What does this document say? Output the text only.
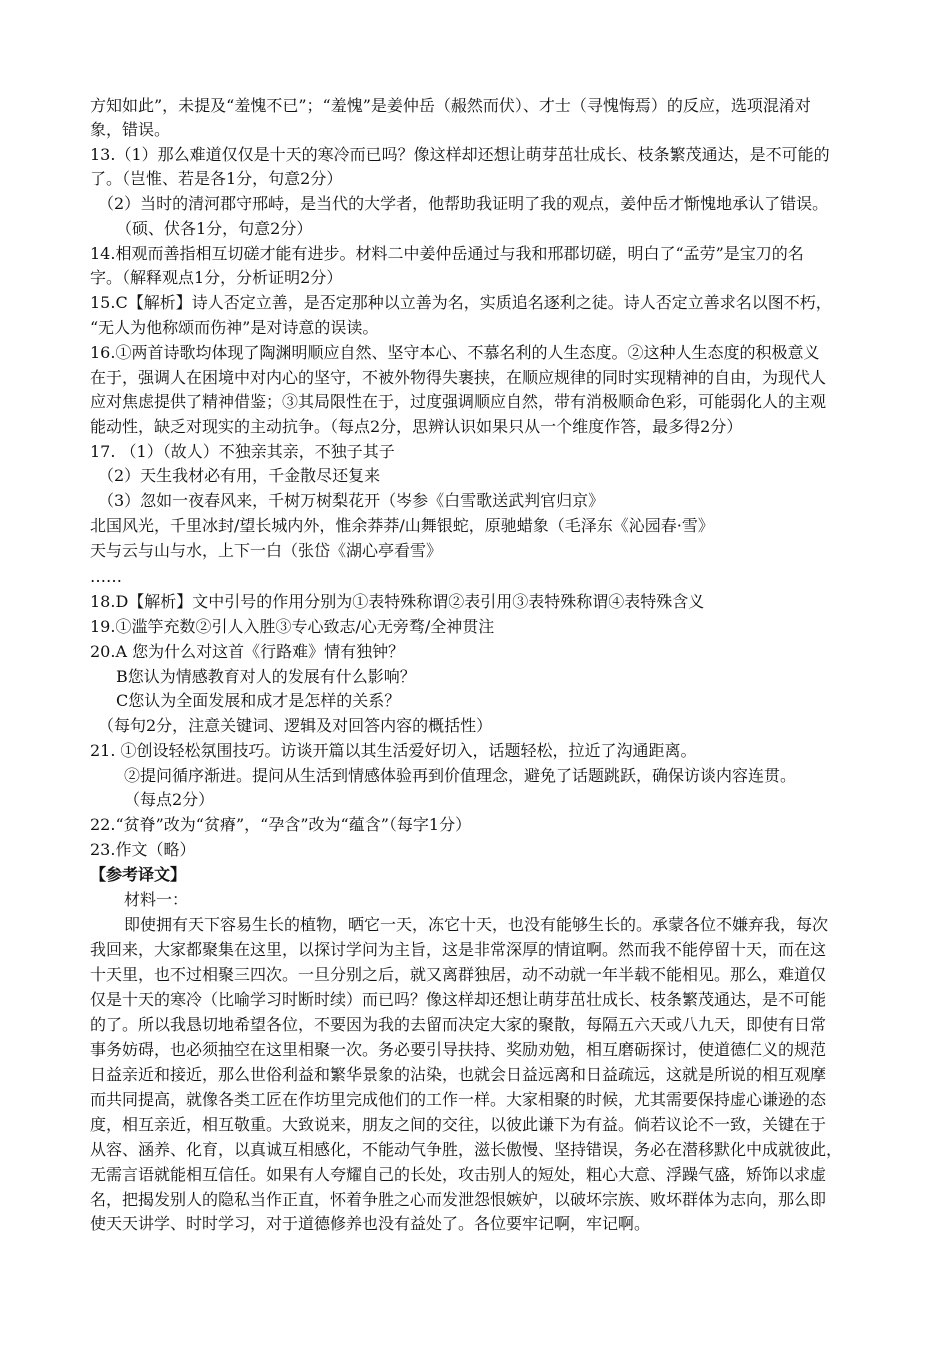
方知如此”，未提及“羞愧不已”；“羞愧”是姜仲岳（赧然而伏）、才士（寻愧悔焉）的反应，选项混淆对
象，错误。
13.（1）那么难道仅仅是十天的寒冷而已吗？像这样却还想让萌芽茁壮成长、枝条繁茂通达，是不可能的
了。（岂惟、若是各1分，句意2分）
（2）当时的清河郡守邢峙，是当代的大学者，他帮助我证明了我的观点，姜仲岳才惭愧地承认了错误。
（硕、伏各1分，句意2分）
14.相观而善指相互切磋才能有进步。材料二中姜仲岳通过与我和邢郡切磋，明白了“孟劳”是宝刀的名
字。（解释观点1分，分析证明2分）
15.C【解析】诗人否定立善，是否定那种以立善为名，实质追名逐利之徒。诗人否定立善求名以图不朽，
“无人为他称颂而伤神”是对诗意的误读。
16.①两首诗歌均体现了陶渊明顺应自然、坚守本心、不慕名利的人生态度。②这种人生态度的积极意义
在于，强调人在困境中对内心的坚守，不被外物得失裹挟，在顺应规律的同时实现精神的自由，为现代人
应对焦虑提供了精神借鉴；③其局限性在于，过度强调顺应自然，带有消极顺命色彩，可能弱化人的主观
能动性，缺乏对现实的主动抗争。（每点2分，思辨认识如果只从一个维度作答，最多得2分）
17. （1）（故人）不独亲其亲，不独子其子
（2）天生我材必有用，千金散尽还复来
（3）忽如一夜春风来，千树万树梨花开（岑参《白雪歌送武判官归京》
北国风光，千里冰封/望长城内外，惟余莽莽/山舞银蛇，原驰蜡象（毛泽东《沁园春·雪》
天与云与山与水，上下一白（张岱《湖心亭看雪》
……
18.D【解析】文中引号的作用分别为①表特殊称谓②表引用③表特殊称谓④表特殊含义
19.①滥竽充数②引人入胜③专心致志/心无旁骛/全神贯注
20.A 您为什么对这首《行路难》情有独钟？
B您认为情感教育对人的发展有什么影响？
C您认为全面发展和成才是怎样的关系？
（每句2分，注意关键词、逻辑及对回答内容的概括性）
21. ①创设轻松氛围技巧。访谈开篇以其生活爱好切入，话题轻松，拉近了沟通距离。
②提问循序渐进。提问从生活到情感体验再到价值理念，避免了话题跳跃，确保访谈内容连贯。
（每点2分）
22.“贫脊”改为“贫瘠”，“孕含”改为“蕴含”（每字1分）
23.作文（略）
【参考译文】
材料一：
即使拥有天下容易生长的植物，晒它一天，冻它十天，也没有能够生长的。承蒙各位不嫌弃我，每次
我回来，大家都聚集在这里，以探讨学问为主旨，这是非常深厚的情谊啊。然而我不能停留十天，而在这
十天里，也不过相聚三四次。一旦分别之后，就又离群独居，动不动就一年半载不能相见。那么，难道仅
仅是十天的寒冷（比喻学习时断时续）而已吗？像这样却还想让萌芽茁壮成长、枝条繁茂通达，是不可能
的了。所以我恳切地希望各位，不要因为我的去留而决定大家的聚散，每隔五六天或八九天，即使有日常
事务妨碍，也必须抽空在这里相聚一次。务必要引导扶持、奖励劝勉，相互磨砺探讨，使道德仁义的规范
日益亲近和接近，那么世俗利益和繁华景象的沾染，也就会日益远离和日益疏远，这就是所说的相互观摩
而共同提高，就像各类工匠在作坊里完成他们的工作一样。大家相聚的时候，尤其需要保持虚心谦逊的态
度，相互亲近，相互敬重。大致说来，朋友之间的交往，以彼此谦下为有益。倘若议论不一致，关键在于
从容、涵养、化育，以真诚互相感化，不能动气争胜，滋长傲慢、坚持错误，务必在潜移默化中成就彼此，
无需言语就能相互信任。如果有人夸耀自己的长处，攻击别人的短处，粗心大意、浮躁气盛，矫饰以求虚
名，把揭发别人的隐私当作正直，怀着争胜之心而发泄怨恨嫉妒，以破坏宗族、败坏群体为志向，那么即
使天天讲学、时时学习，对于道德修养也没有益处了。各位要牢记啊，牢记啊。
